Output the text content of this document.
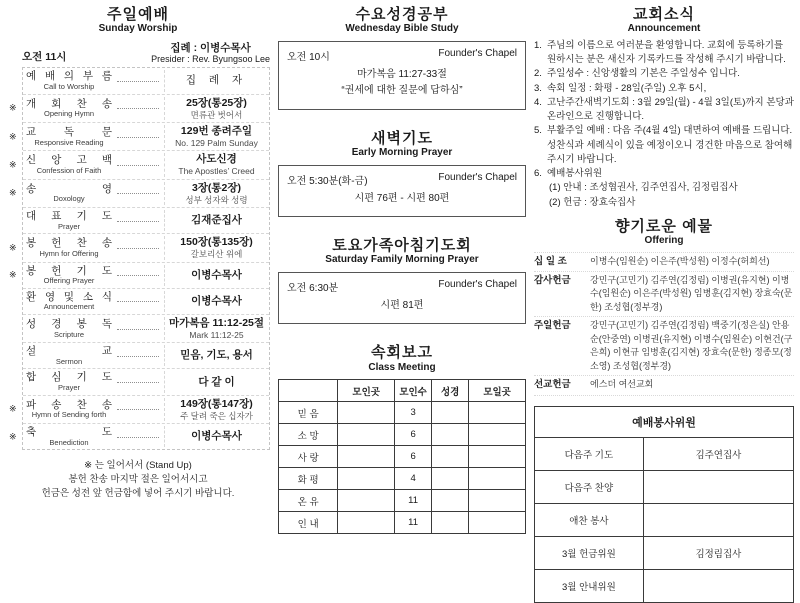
주일예배
Sunday Worship
오전 11시
집례 : 이병수목사
Presider : Rev. Byungsoo Lee
예 배 의 부 름
Call to Worship
집 례 자
※ 개 회 찬 송
Opening Hymn
25장(통25장)
면류관 벗어서
※ 교 독 문
Responsive Reading
129번 종려주일
No. 129 Palm Sunday
※ 신 앙 고 백
Confession of Faith
사도신경
The Apostles’ Creed
※ 송 영
Doxology
3장(통2장)
성부 성자와 성령
대 표 기 도
Prayer
김재준집사
※ 봉 헌 찬 송
Hymn for Offering
150장(통135장)
갈보리산 위에
※ 봉 헌 기 도
Offering Prayer
이병수목사
환 영 및 소 식
Announcement
이병수목사
성 경 봉 독
Scripture
마가복음 11:12-25절
Mark 11:12-25
설 교
Sermon
믿음, 기도, 용서
합 심 기 도
Prayer
다 같 이
※ 파 송 찬 송
Hymn of Sending forth
149장(통147장)
주 달려 죽은 십자가
※ 축 도
Benediction
이병수목사
※ 는 일어서서 (Stand Up)
봉헌 찬송 마지막 절은 일어서시고
헌금은 성전 앞 헌금함에 넣어 주시기 바랍니다.
수요성경공부
Wednesday Bible Study
오전 10시	Founder's Chapel
마가복음 11:27-33절
“권세에 대한 질문에 답하심”
새벽기도
Early Morning Prayer
오전 5:30분(화-금)	Founder's Chapel
시편 76편 - 시편 80편
토요가족아침기도회
Saturday Family Morning Prayer
오전 6:30분	Founder's Chapel
시편 81편
속회보고
Class Meeting
	모인곳	모인수	성경	모일곳
믿 음		3		
소 망		6		
사 랑		6		
화 평		4		
온 유		11		
인 내		11		
교회소식
Announcement
1. 주님의 이름으로 여러분을 환영합니다. 교회에 등록하기를 원하시는 분은 새신자 기록카드를 작성해 주시기 바랍니다.
2. 주일성수 : 신앙생활의 기본은 주일성수 입니다.
3. 속회 일정 : 화평 - 28일(주일) 오후 5시,
4. 고난주간새벽기도회 : 3월 29일(월) - 4월 3일(토)까지 본당과 온라인으로 진행합니다.
5. 부활주일 예배 : 다음 주(4월 4일) 대면하여 예배를 드립니다. 성찬식과 세례식이 있을 예정이오니 경건한 마음으로 참여해 주시기 바랍니다.
6. 예배봉사위원
(1) 안내 : 조성협권사, 김주연집사, 김정림집사
(2) 헌금 : 장효숙집사
향기로운 예물
Offering
십 일 조	이병수(임원순) 이은주(박성원) 이정수(허희선)
감사헌금	강민구(고민기) 김주연(김정림) 이병권(유지현) 이병수(임원순) 이은주(박성원) 임병훈(김지현) 장효숙(문한) 조성협(정부경)
주일헌금	강민구(고민기) 김주연(김정림) 백중기(정은실) 안용순(안중연) 이병권(유지현) 이병수(임원순) 이현건(구은희) 이현규 임병훈(김지현) 장효숙(문한) 정종모(정소영) 조성협(정부경)
선교헌금	에스더 여선교회
예배봉사위원	
다음주 기도	김주연집사
다음주 찬양	
애찬 봉사	
3월 헌금위원	김정림집사
3월 안내위원	
